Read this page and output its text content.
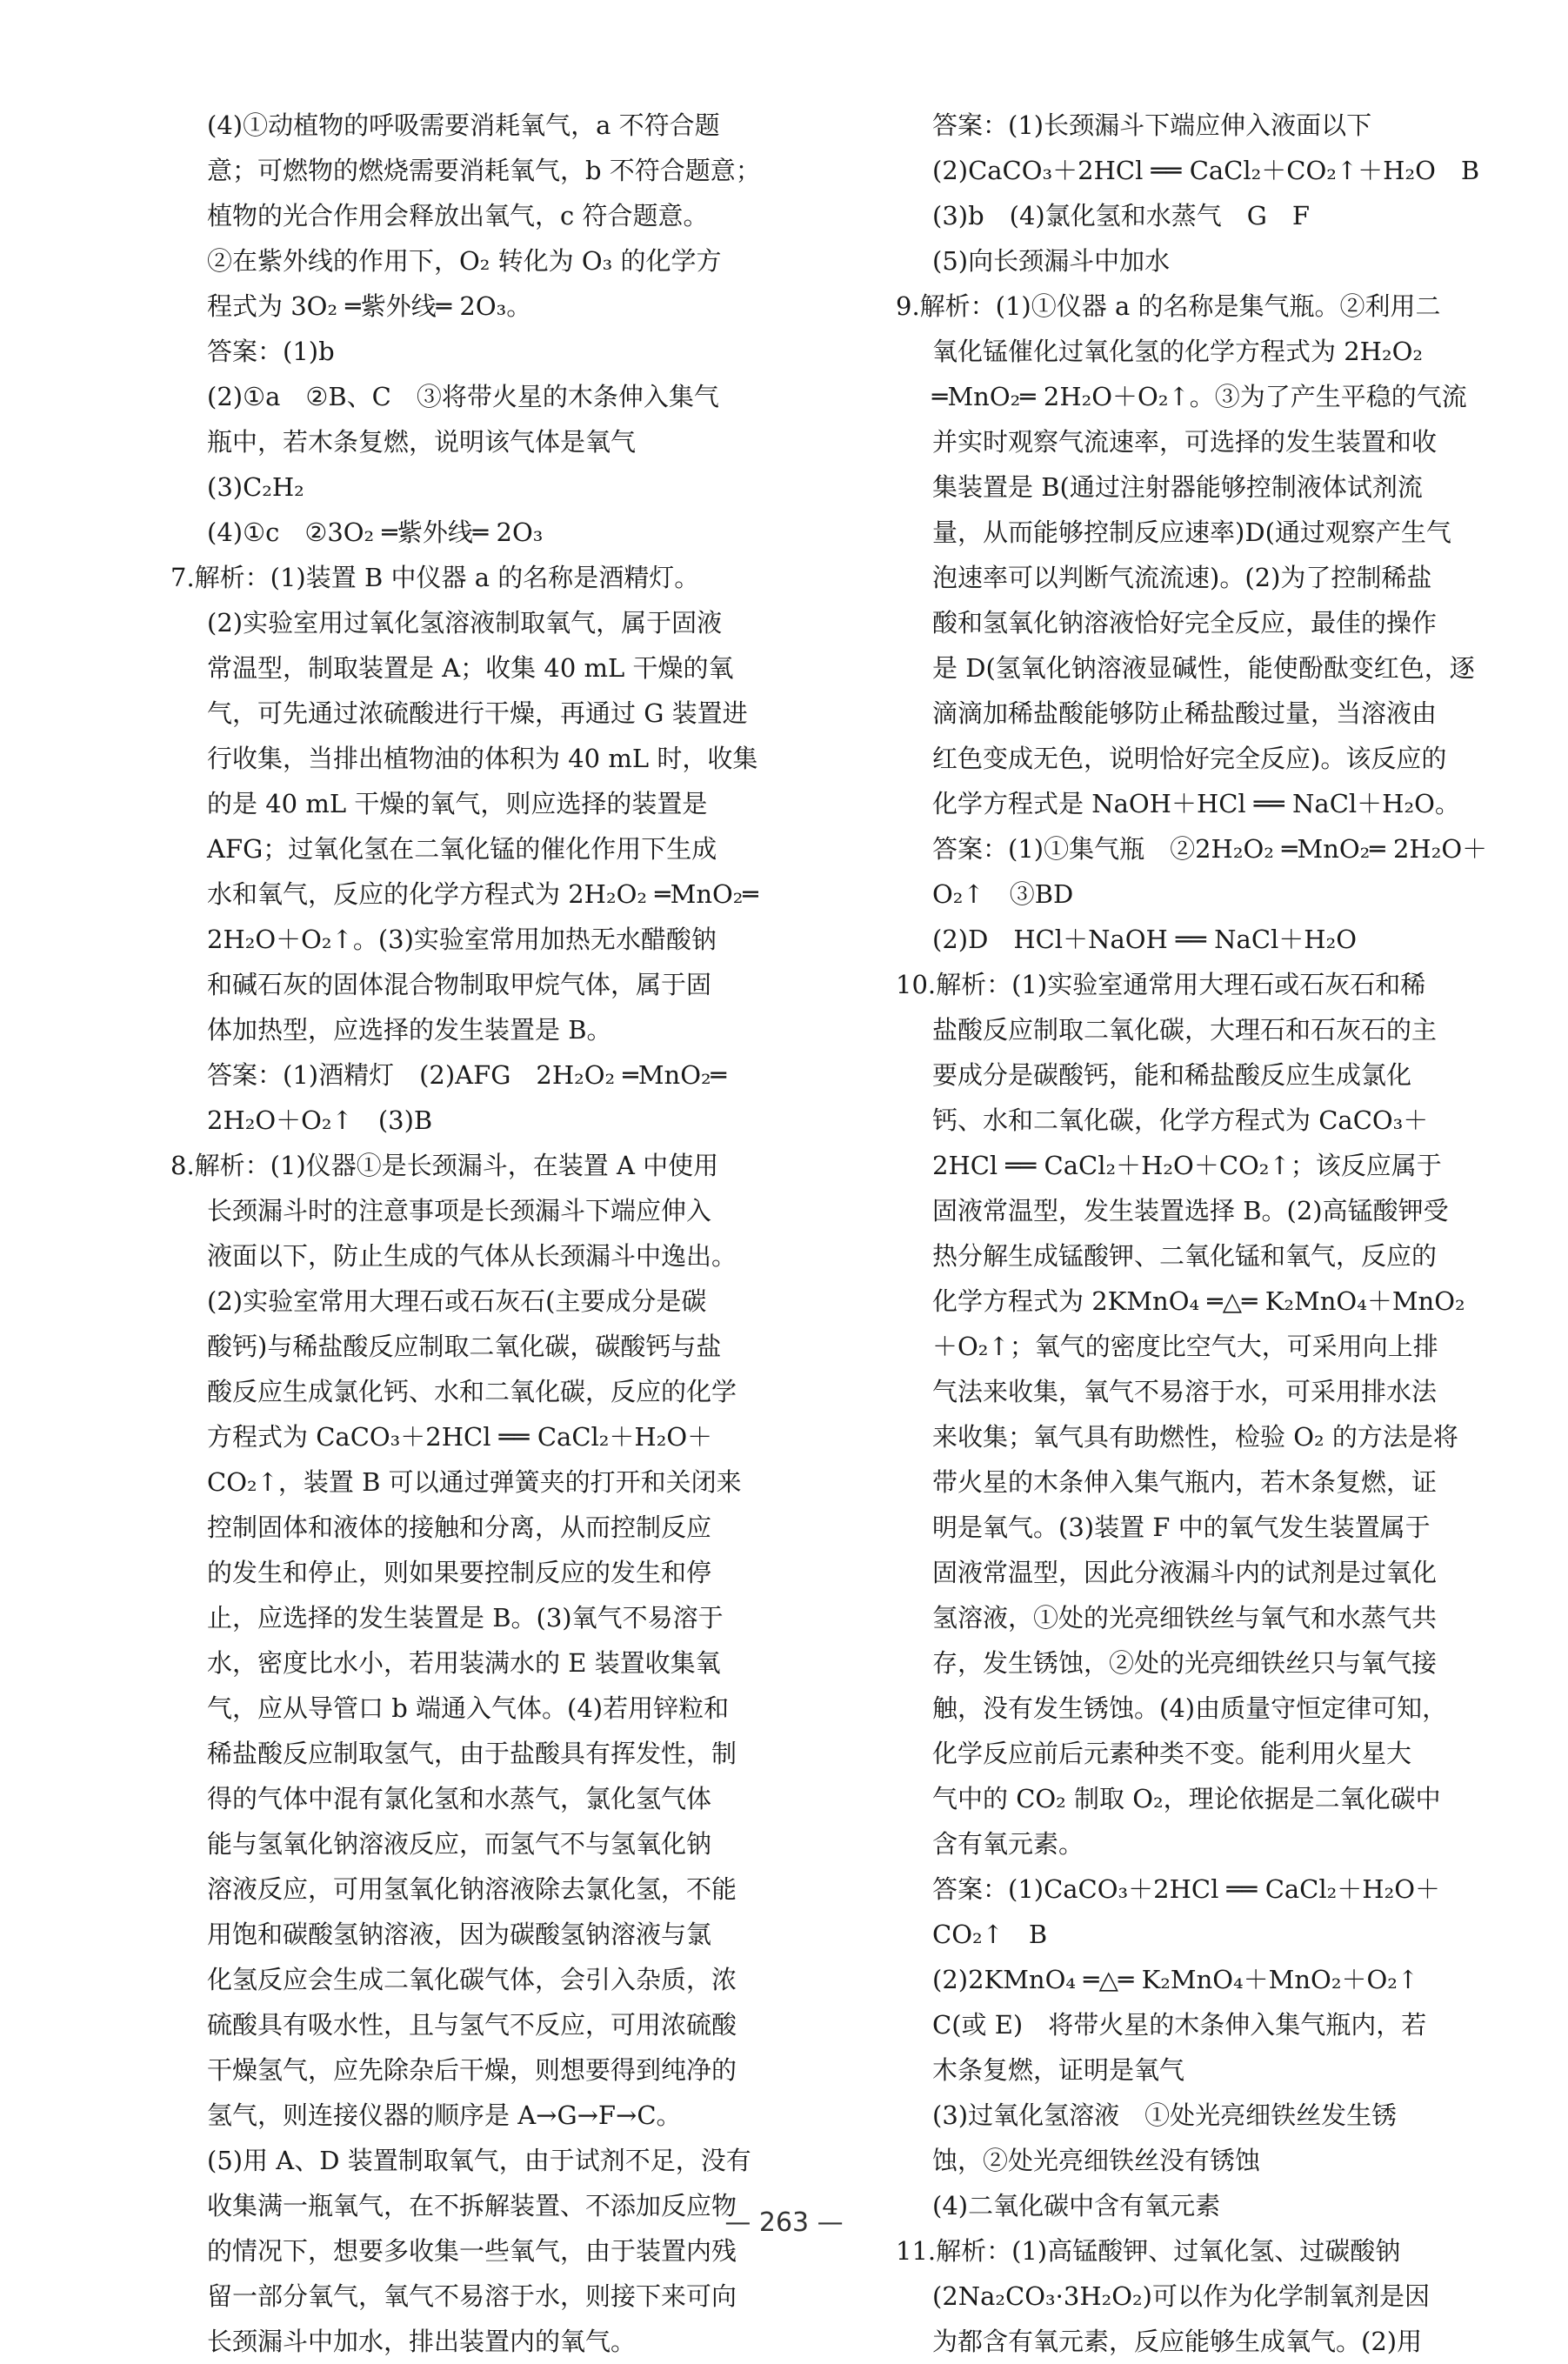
(4)①动植物的呼吸需要消耗氧气，a 不符合题
意；可燃物的燃烧需要消耗氧气，b 不符合题意；
植物的光合作用会释放出氧气，c 符合题意。
②在紫外线的作用下，O₂ 转化为 O₃ 的化学方
程式为 3O₂ ═紫外线═ 2O₃。
答案：(1)b
(2)①a　②B、C　③将带火星的木条伸入集气
瓶中，若木条复燃，说明该气体是氧气
(3)C₂H₂
(4)①c　②3O₂ ═紫外线═ 2O₃
7.解析：(1)装置 B 中仪器 a 的名称是酒精灯。
(2)实验室用过氧化氢溶液制取氧气，属于固液
常温型，制取装置是 A；收集 40 mL 干燥的氧
气，可先通过浓硫酸进行干燥，再通过 G 装置进
行收集，当排出植物油的体积为 40 mL 时，收集
的是 40 mL 干燥的氧气，则应选择的装置是
AFG；过氧化氢在二氧化锰的催化作用下生成
水和氧气，反应的化学方程式为 2H₂O₂ ═MnO₂═
2H₂O＋O₂↑。(3)实验室常用加热无水醋酸钠
和碱石灰的固体混合物制取甲烷气体，属于固
体加热型，应选择的发生装置是 B。
答案：(1)酒精灯　(2)AFG　2H₂O₂ ═MnO₂═
2H₂O＋O₂↑　(3)B
8.解析：(1)仪器①是长颈漏斗，在装置 A 中使用
长颈漏斗时的注意事项是长颈漏斗下端应伸入
液面以下，防止生成的气体从长颈漏斗中逸出。
(2)实验室常用大理石或石灰石(主要成分是碳
酸钙)与稀盐酸反应制取二氧化碳，碳酸钙与盐
酸反应生成氯化钙、水和二氧化碳，反应的化学
方程式为 CaCO₃＋2HCl ══ CaCl₂＋H₂O＋
CO₂↑，装置 B 可以通过弹簧夹的打开和关闭来
控制固体和液体的接触和分离，从而控制反应
的发生和停止，则如果要控制反应的发生和停
止，应选择的发生装置是 B。(3)氧气不易溶于
水，密度比水小，若用装满水的 E 装置收集氧
气，应从导管口 b 端通入气体。(4)若用锌粒和
稀盐酸反应制取氢气，由于盐酸具有挥发性，制
得的气体中混有氯化氢和水蒸气，氯化氢气体
能与氢氧化钠溶液反应，而氢气不与氢氧化钠
溶液反应，可用氢氧化钠溶液除去氯化氢，不能
用饱和碳酸氢钠溶液，因为碳酸氢钠溶液与氯
化氢反应会生成二氧化碳气体，会引入杂质，浓
硫酸具有吸水性，且与氢气不反应，可用浓硫酸
干燥氢气，应先除杂后干燥，则想要得到纯净的
氢气，则连接仪器的顺序是 A→G→F→C。
(5)用 A、D 装置制取氧气，由于试剂不足，没有
收集满一瓶氧气，在不拆解装置、不添加反应物
的情况下，想要多收集一些氧气，由于装置内残
留一部分氧气，氧气不易溶于水，则接下来可向
长颈漏斗中加水，排出装置内的氧气。
答案：(1)长颈漏斗下端应伸入液面以下
(2)CaCO₃＋2HCl ══ CaCl₂＋CO₂↑＋H₂O　B
(3)b　(4)氯化氢和水蒸气　G　F
(5)向长颈漏斗中加水
9.解析：(1)①仪器 a 的名称是集气瓶。②利用二
氧化锰催化过氧化氢的化学方程式为 2H₂O₂
═MnO₂═ 2H₂O＋O₂↑。③为了产生平稳的气流
并实时观察气流速率，可选择的发生装置和收
集装置是 B(通过注射器能够控制液体试剂流
量，从而能够控制反应速率)D(通过观察产生气
泡速率可以判断气流流速)。(2)为了控制稀盐
酸和氢氧化钠溶液恰好完全反应，最佳的操作
是 D(氢氧化钠溶液显碱性，能使酚酞变红色，逐
滴滴加稀盐酸能够防止稀盐酸过量，当溶液由
红色变成无色，说明恰好完全反应)。该反应的
化学方程式是 NaOH＋HCl ══ NaCl＋H₂O。
答案：(1)①集气瓶　②2H₂O₂ ═MnO₂═ 2H₂O＋
O₂↑　③BD
(2)D　HCl＋NaOH ══ NaCl＋H₂O
10.解析：(1)实验室通常用大理石或石灰石和稀
盐酸反应制取二氧化碳，大理石和石灰石的主
要成分是碳酸钙，能和稀盐酸反应生成氯化
钙、水和二氧化碳，化学方程式为 CaCO₃＋
2HCl ══ CaCl₂＋H₂O＋CO₂↑；该反应属于
固液常温型，发生装置选择 B。(2)高锰酸钾受
热分解生成锰酸钾、二氧化锰和氧气，反应的
化学方程式为 2KMnO₄ ═△═ K₂MnO₄＋MnO₂
＋O₂↑；氧气的密度比空气大，可采用向上排
气法来收集，氧气不易溶于水，可采用排水法
来收集；氧气具有助燃性，检验 O₂ 的方法是将
带火星的木条伸入集气瓶内，若木条复燃，证
明是氧气。(3)装置 F 中的氧气发生装置属于
固液常温型，因此分液漏斗内的试剂是过氧化
氢溶液，①处的光亮细铁丝与氧气和水蒸气共
存，发生锈蚀，②处的光亮细铁丝只与氧气接
触，没有发生锈蚀。(4)由质量守恒定律可知，
化学反应前后元素种类不变。能利用火星大
气中的 CO₂ 制取 O₂，理论依据是二氧化碳中
含有氧元素。
答案：(1)CaCO₃＋2HCl ══ CaCl₂＋H₂O＋
CO₂↑　B
(2)2KMnO₄ ═△═ K₂MnO₄＋MnO₂＋O₂↑
C(或 E)　将带火星的木条伸入集气瓶内，若
木条复燃，证明是氧气
(3)过氧化氢溶液　①处光亮细铁丝发生锈
蚀，②处光亮细铁丝没有锈蚀
(4)二氧化碳中含有氧元素
11.解析：(1)高锰酸钾、过氧化氢、过碳酸钠
(2Na₂CO₃·3H₂O₂)可以作为化学制氧剂是因
为都含有氧元素，反应能够生成氧气。(2)用
— 263 —
